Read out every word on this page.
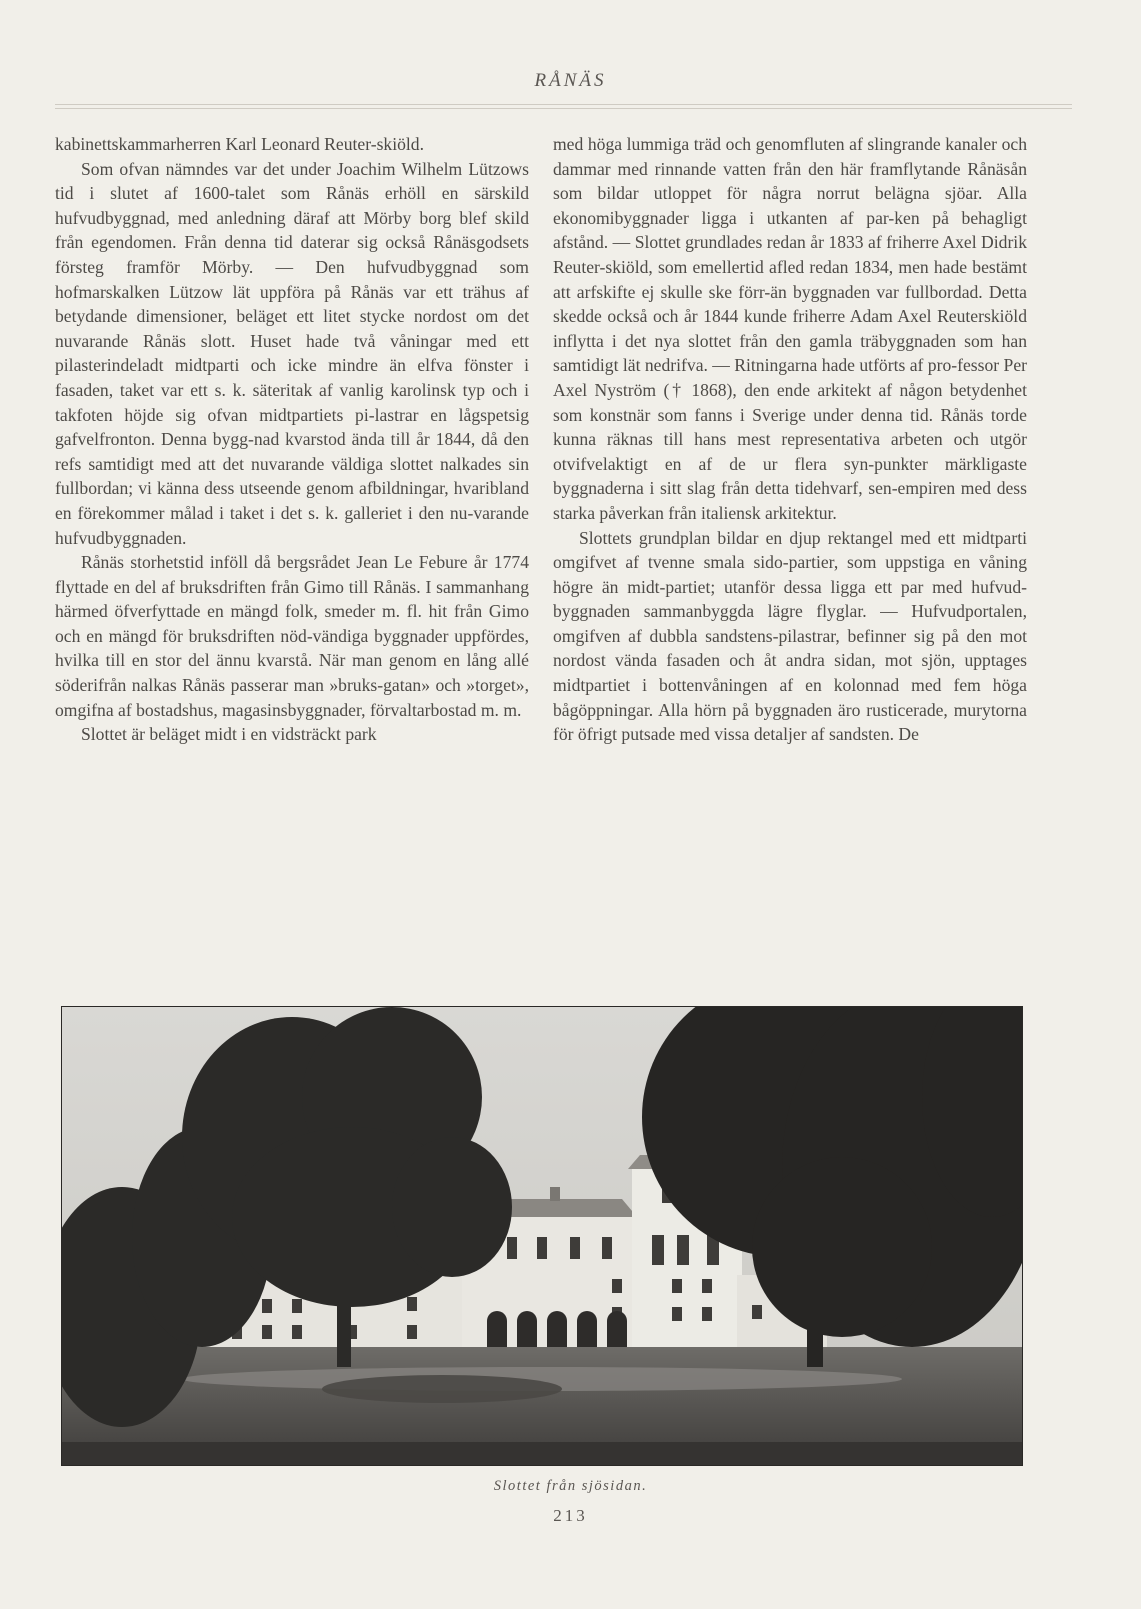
RÅNÄS

kabinettskammarherren Karl Leonard Reuter-skiöld.

Som ofvan nämndes var det under Joachim Wilhelm Lützows tid i slutet af 1600-talet som Rånäs erhöll en särskild hufvudbyggnad, med anledning däraf att Mörby borg blef skild från egendomen. Från denna tid daterar sig också Rånäsgodsets försteg framför Mörby. — Den hufvudbyggnad som hofmarskalken Lützow lät uppföra på Rånäs var ett trähus af betydande dimensioner, beläget ett litet stycke nordost om det nuvarande Rånäs slott. Huset hade två våningar med ett pilasterindeladt midtparti och icke mindre än elfva fönster i fasaden, taket var ett s. k. säteritak af vanlig karolinsk typ och i takfoten höjde sig ofvan midtpartiets pi-lastrar en lågspetsig gafvelfronton. Denna bygg-nad kvarstod ända till år 1844, då den refs samtidigt med att det nuvarande väldiga slottet nalkades sin fullbordan; vi känna dess utseende genom afbildningar, hvaribland en förekommer målad i taket i det s. k. galleriet i den nu-varande hufvudbyggnaden.

Rånäs storhetstid inföll då bergsrådet Jean Le Febure år 1774 flyttade en del af bruksdriften från Gimo till Rånäs. I sammanhang härmed öfverfyttade en mängd folk, smeder m. fl. hit från Gimo och en mängd för bruksdriften nöd-vändiga byggnader uppfördes, hvilka till en stor del ännu kvarstå. När man genom en lång allé söderifrån nalkas Rånäs passerar man »bruks-gatan» och »torget», omgifna af bostadshus, magasinsbyggnader, förvaltarbostad m. m.

Slottet är beläget midt i en vidsträckt park

med höga lummiga träd och genomfluten af slingrande kanaler och dammar med rinnande vatten från den här framflytande Rånäsån som bildar utloppet för några norrut belägna sjöar. Alla ekonomibyggnader ligga i utkanten af par-ken på behagligt afstånd. — Slottet grundlades redan år 1833 af friherre Axel Didrik Reuter-skiöld, som emellertid afled redan 1834, men hade bestämt att arfskifte ej skulle ske förr-än byggnaden var fullbordad. Detta skedde också och år 1844 kunde friherre Adam Axel Reuterskiöld inflytta i det nya slottet från den gamla träbyggnaden som han samtidigt lät nedrifva. — Ritningarna hade utförts af pro-fessor Per Axel Nyström († 1868), den ende arkitekt af någon betydenhet som konstnär som fanns i Sverige under denna tid. Rånäs torde kunna räknas till hans mest representativa arbeten och utgör otvifvelaktigt en af de ur flera syn-punkter märkligaste byggnaderna i sitt slag från detta tidehvarf, sen-empiren med dess starka påverkan från italiensk arkitektur.

Slottets grundplan bildar en djup rektangel med ett midtparti omgifvet af tvenne smala sido-partier, som uppstiga en våning högre än midt-partiet; utanför dessa ligga ett par med hufvud-byggnaden sammanbyggda lägre flyglar. — Hufvudportalen, omgifven af dubbla sandstens-pilastrar, befinner sig på den mot nordost vända fasaden och åt andra sidan, mot sjön, upptages midtpartiet i bottenvåningen af en kolonnad med fem höga bågöppningar. Alla hörn på byggnaden äro rusticerade, murytorna för öfrigt putsade med vissa detaljer af sandsten. De

Slottet från sjösidan.
213
